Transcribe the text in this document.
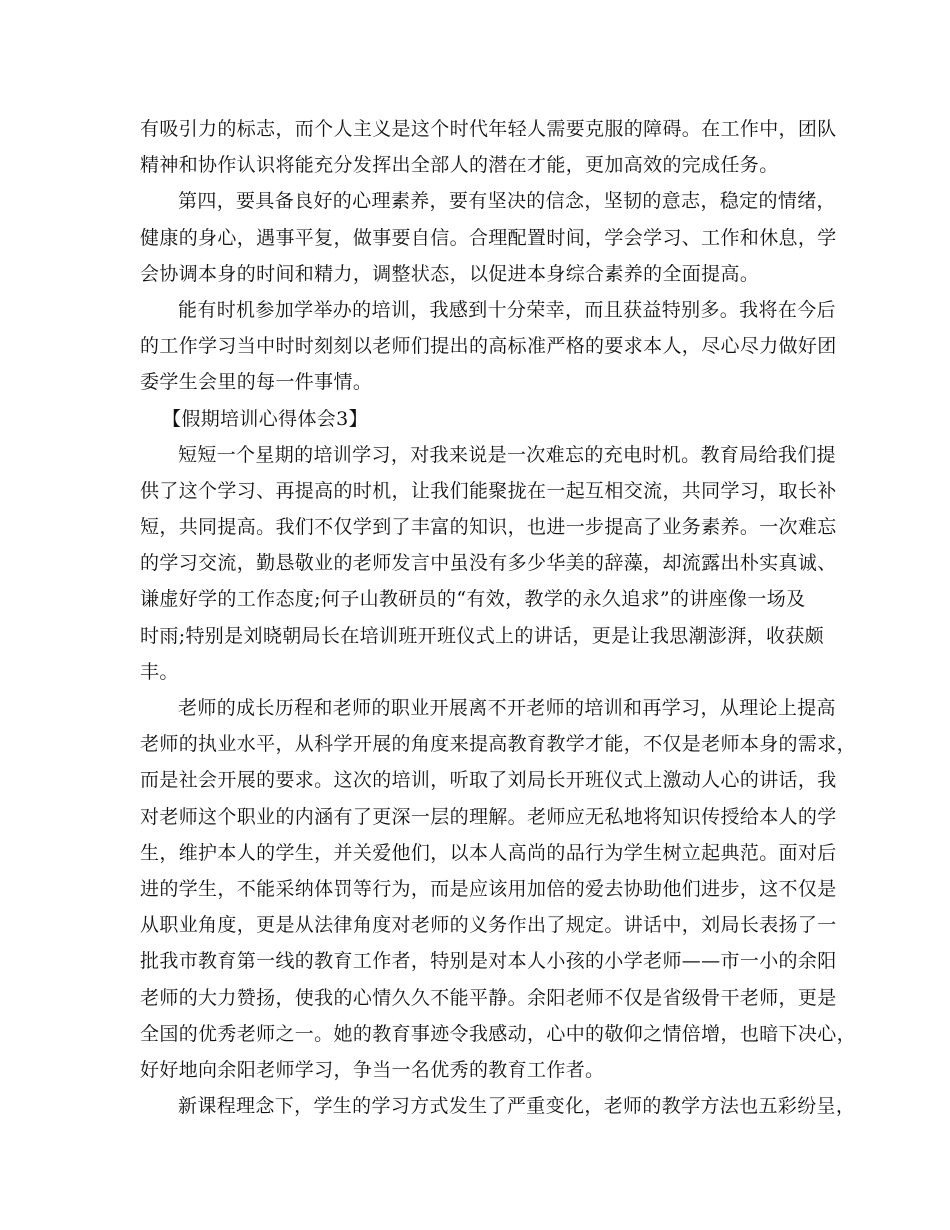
有吸引力的标志，而个人主义是这个时代年轻人需要克服的障碍。在工作中，团队
精神和协作认识将能充分发挥出全部人的潜在才能，更加高效的完成任务。
第四，要具备良好的心理素养，要有坚决的信念，坚韧的意志，稳定的情绪，
健康的身心，遇事平复，做事要自信。合理配置时间，学会学习、工作和休息，学
会协调本身的时间和精力，调整状态，以促进本身综合素养的全面提高。
能有时机参加学举办的培训，我感到十分荣幸，而且获益特别多。我将在今后
的工作学习当中时时刻刻以老师们提出的高标准严格的要求本人，尽心尽力做好团
委学生会里的每一件事情。
【假期培训心得体会3】
短短一个星期的培训学习，对我来说是一次难忘的充电时机。教育局给我们提
供了这个学习、再提高的时机，让我们能聚拢在一起互相交流，共同学习，取长补
短，共同提高。我们不仅学到了丰富的知识，也进一步提高了业务素养。一次难忘
的学习交流，勤恳敬业的老师发言中虽没有多少华美的辞藻，却流露出朴实真诚、
谦虚好学的工作态度;何子山教研员的“有效，教学的永久追求”的讲座像一场及
时雨;特别是刘晓朝局长在培训班开班仪式上的讲话，更是让我思潮澎湃，收获颇
丰。
老师的成长历程和老师的职业开展离不开老师的培训和再学习，从理论上提高
老师的执业水平，从科学开展的角度来提高教育教学才能，不仅是老师本身的需求，
而是社会开展的要求。这次的培训，听取了刘局长开班仪式上激动人心的讲话，我
对老师这个职业的内涵有了更深一层的理解。老师应无私地将知识传授给本人的学
生，维护本人的学生，并关爱他们，以本人高尚的品行为学生树立起典范。面对后
进的学生，不能采纳体罚等行为，而是应该用加倍的爱去协助他们进步，这不仅是
从职业角度，更是从法律角度对老师的义务作出了规定。讲话中，刘局长表扬了一
批我市教育第一线的教育工作者，特别是对本人小孩的小学老师——市一小的余阳
老师的大力赞扬，使我的心情久久不能平静。余阳老师不仅是省级骨干老师，更是
全国的优秀老师之一。她的教育事迹令我感动，心中的敬仰之情倍增，也暗下决心，
好好地向余阳老师学习，争当一名优秀的教育工作者。
新课程理念下，学生的学习方式发生了严重变化，老师的教学方法也五彩纷呈，
